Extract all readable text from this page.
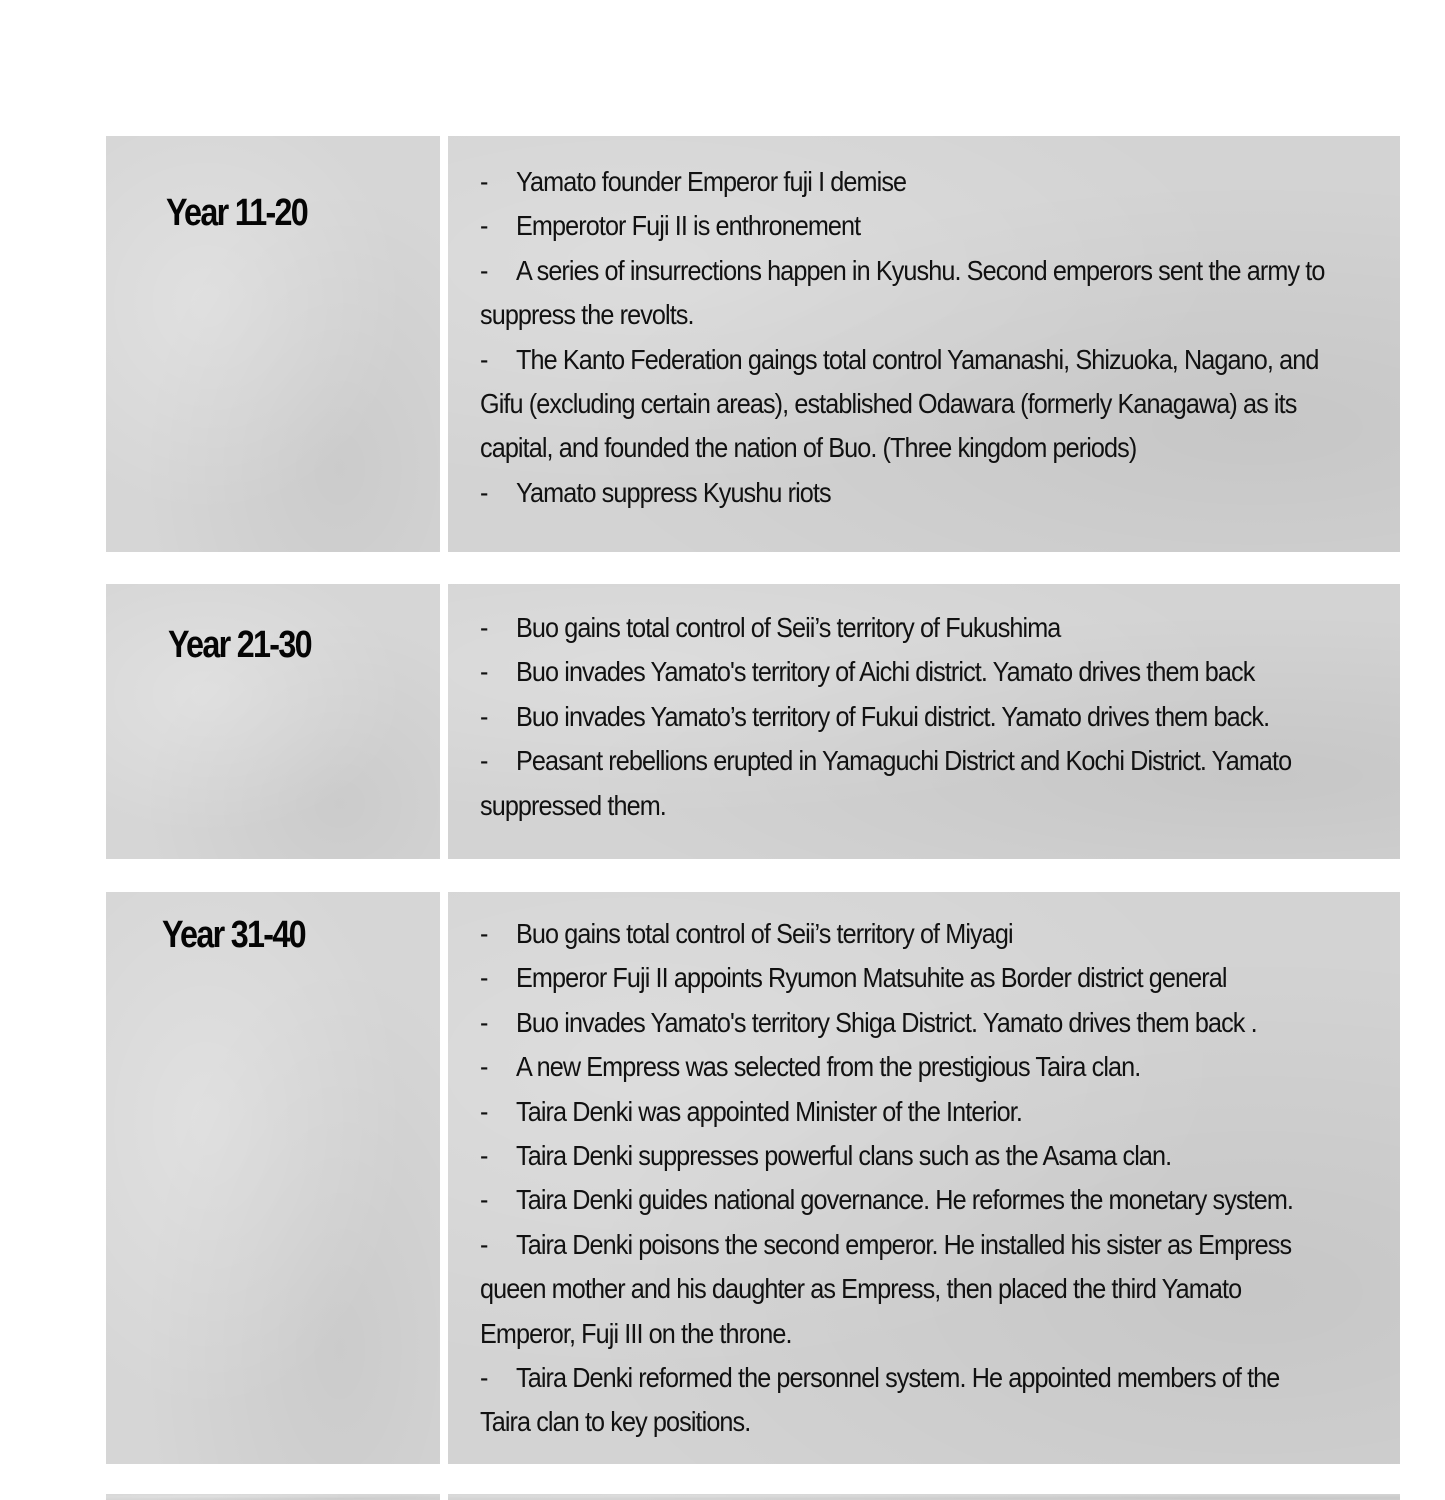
Year 11-20
- Yamato founder Emperor fuji I demise
- Emperotor Fuji II is enthronement
- A series of insurrections happen in Kyushu. Second emperors sent the army to suppress the revolts.
- The Kanto Federation gaings total control Yamanashi, Shizuoka, Nagano, and Gifu (excluding certain areas), established Odawara (formerly Kanagawa) as its capital, and founded the nation of Buo. (Three kingdom periods)
- Yamato suppress Kyushu riots
Year 21-30	- Buo gains total control of Seii’s territory of Fukushima
- Buo invades Yamato's territory of Aichi district. Yamato drives them back
- Buo invades Yamato’s territory of Fukui district. Yamato drives them back.
- Peasant rebellions erupted in Yamaguchi District and Kochi District. Yamato suppressed them.
Year 31-40	- Buo gains total control of Seii’s territory of Miyagi
- Emperor Fuji II appoints Ryumon Matsuhite as Border district general
- Buo invades Yamato's territory Shiga District. Yamato drives them back .
- A new Empress was selected from the prestigious Taira clan.
- Taira Denki was appointed Minister of the Interior.
- Taira Denki suppresses powerful clans such as the Asama clan.
- Taira Denki guides national governance. He reformes the monetary system.
- Taira Denki poisons the second emperor. He installed his sister as Empress queen mother and his daughter as Empress, then placed the third Yamato Emperor, Fuji III on the throne.
- Taira Denki reformed the personnel system. He appointed members of the Taira clan to key positions.
